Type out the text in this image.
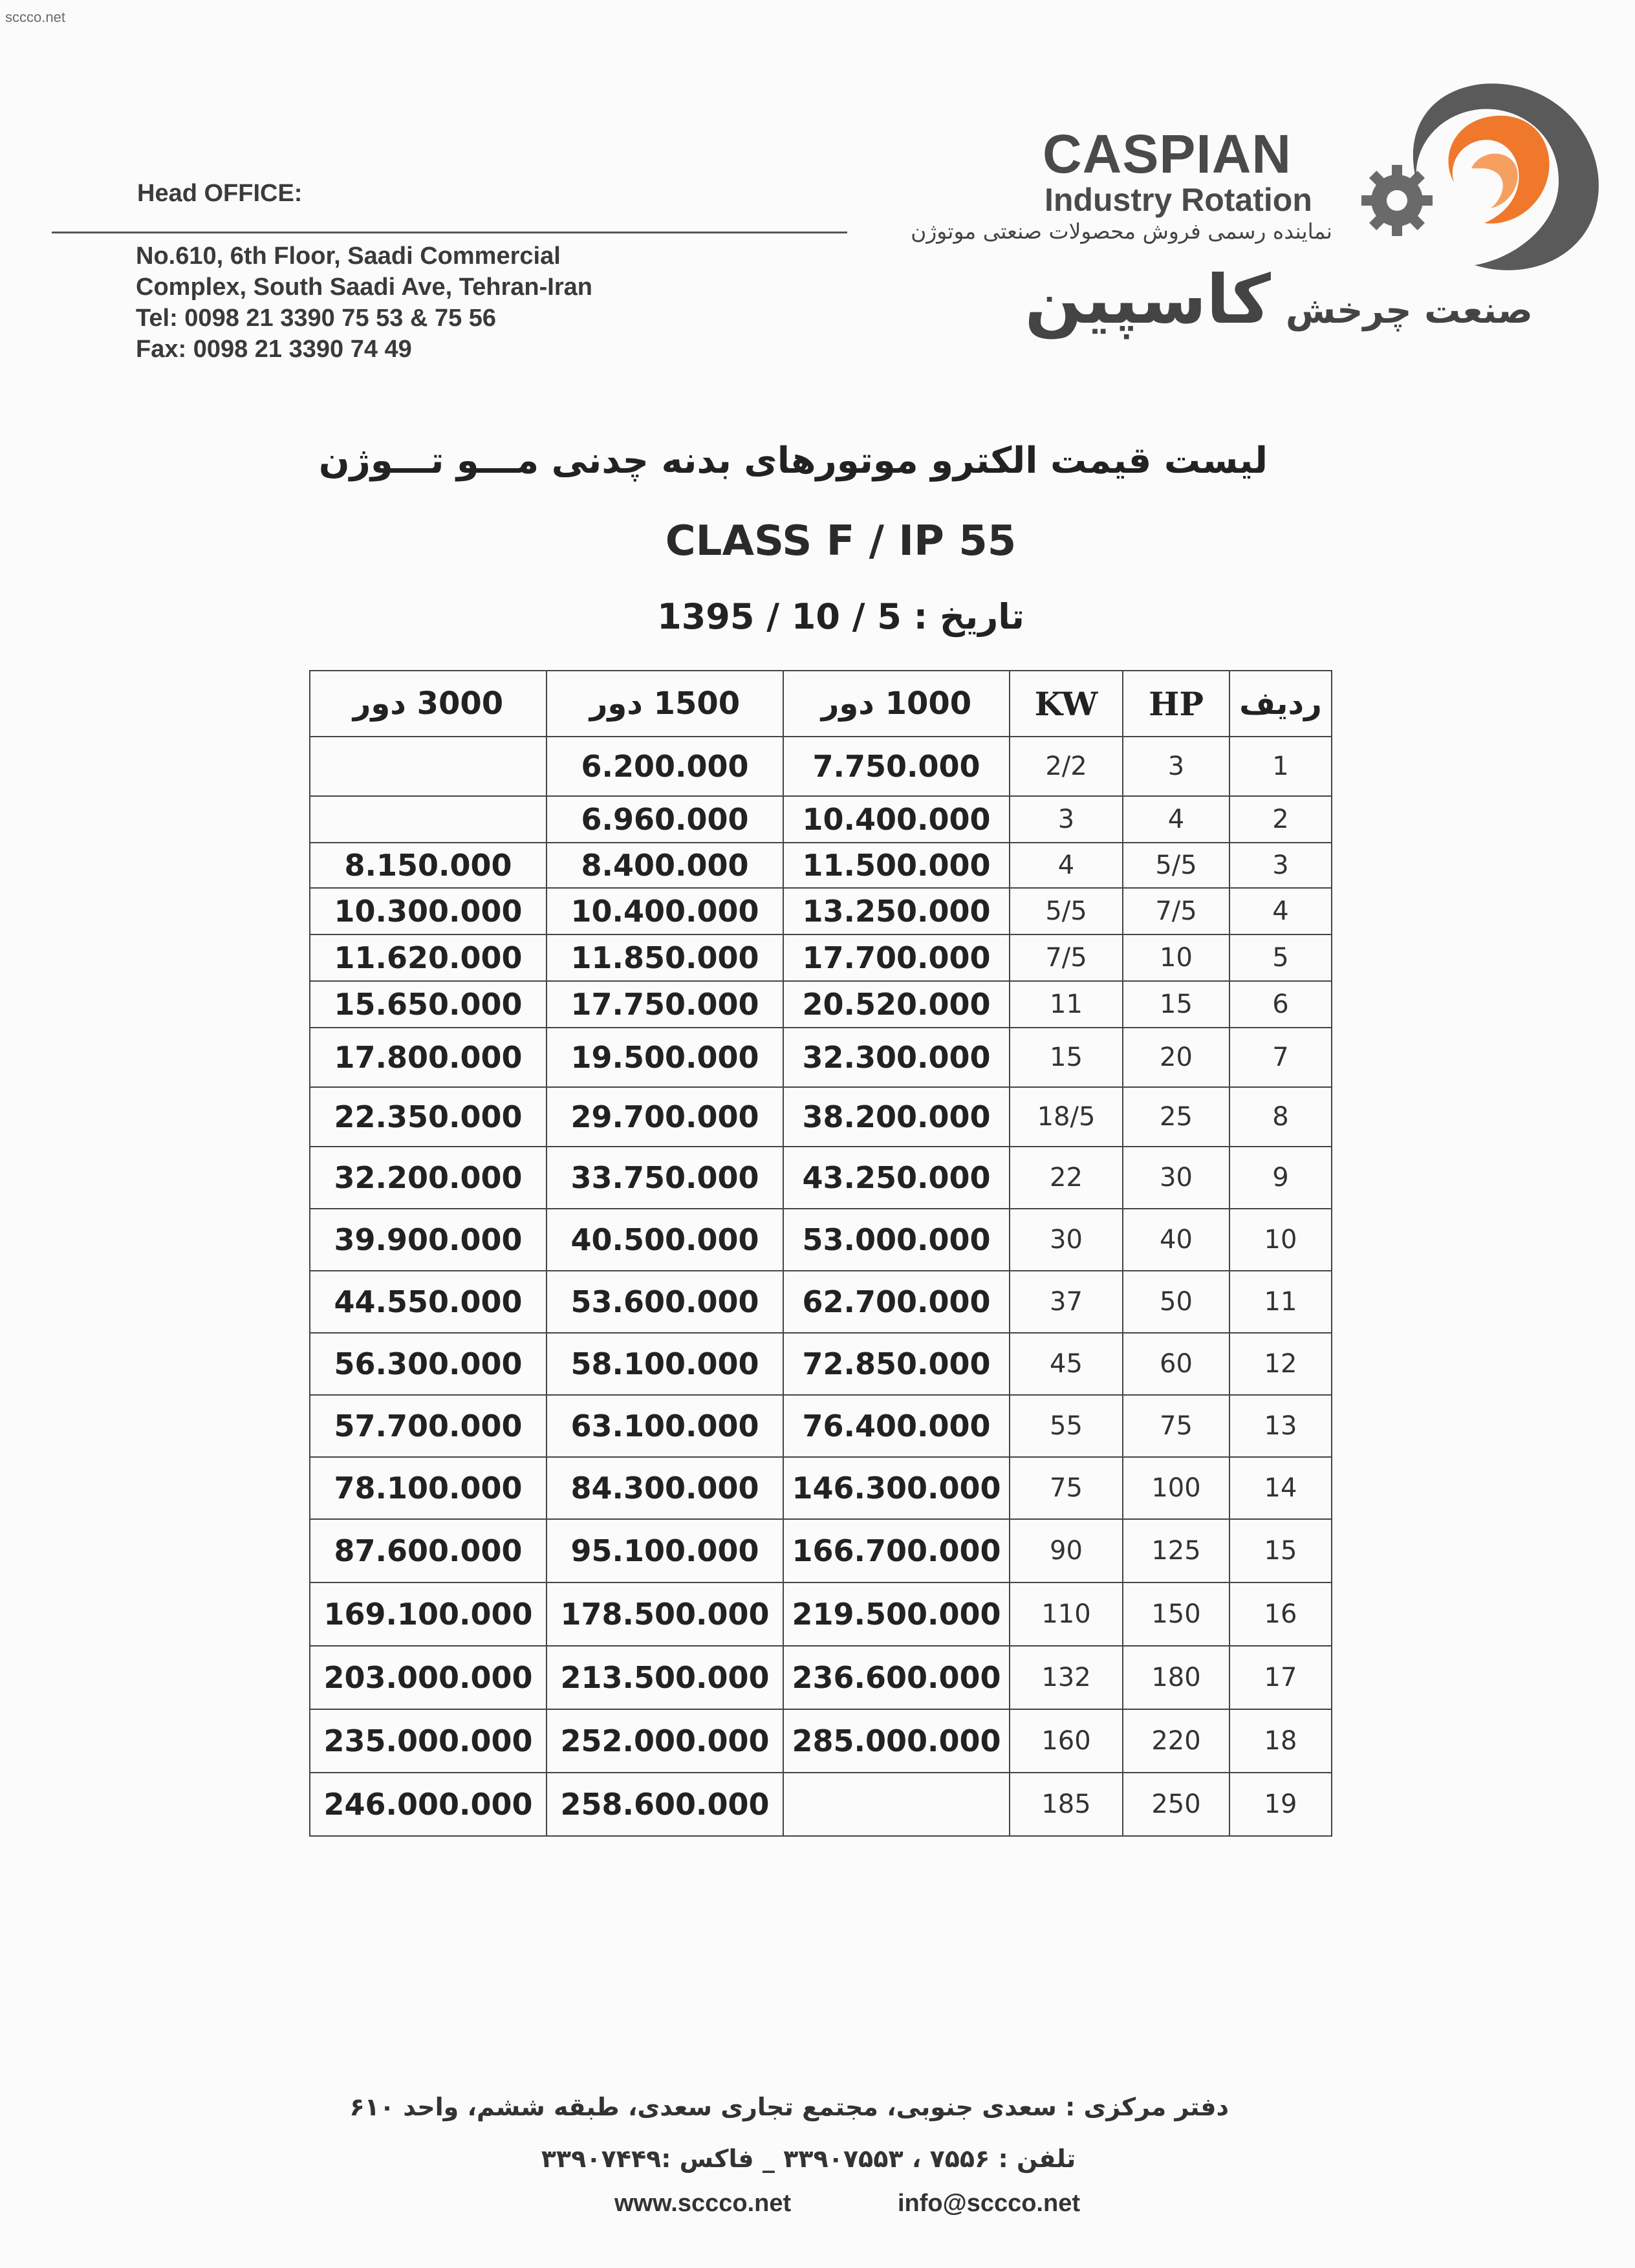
sccco.net
Head OFFICE:
No.610, 6th Floor, Saadi Commercial
Complex, South Saadi Ave, Tehran-Iran
Tel: 0098 21 3390 75 53 & 75 56
Fax: 0098 21 3390 74 49
CASPIAN
Industry Rotation
نماینده رسمی فروش محصولات صنعتی موتوژن
صنعت چرخش کاسپین
لیست قیمت الکترو موتورهای بدنه چدنی مـــو تـــوژن
CLASS F / IP 55
تاریخ : 1395 / 10 / 5
ردیف	HP	KW	1000 دور	1500 دور	3000 دور
1	3	2/2	7.750.000	6.200.000	
2	4	3	10.400.000	6.960.000	
3	5/5	4	11.500.000	8.400.000	8.150.000
4	7/5	5/5	13.250.000	10.400.000	10.300.000
5	10	7/5	17.700.000	11.850.000	11.620.000
6	15	11	20.520.000	17.750.000	15.650.000
7	20	15	32.300.000	19.500.000	17.800.000
8	25	18/5	38.200.000	29.700.000	22.350.000
9	30	22	43.250.000	33.750.000	32.200.000
10	40	30	53.000.000	40.500.000	39.900.000
11	50	37	62.700.000	53.600.000	44.550.000
12	60	45	72.850.000	58.100.000	56.300.000
13	75	55	76.400.000	63.100.000	57.700.000
14	100	75	146.300.000	84.300.000	78.100.000
15	125	90	166.700.000	95.100.000	87.600.000
16	150	110	219.500.000	178.500.000	169.100.000
17	180	132	236.600.000	213.500.000	203.000.000
18	220	160	285.000.000	252.000.000	235.000.000
19	250	185		258.600.000	246.000.000
دفتر مرکزی : سعدی جنوبی، مجتمع تجاری سعدی، طبقه ششم، واحد ۶۱۰
تلفن : ۷۵۵۶ ، ۳۳۹۰۷۵۵۳ _ فاکس :۳۳۹۰۷۴۴۹
www.sccco.net	info@sccco.net
